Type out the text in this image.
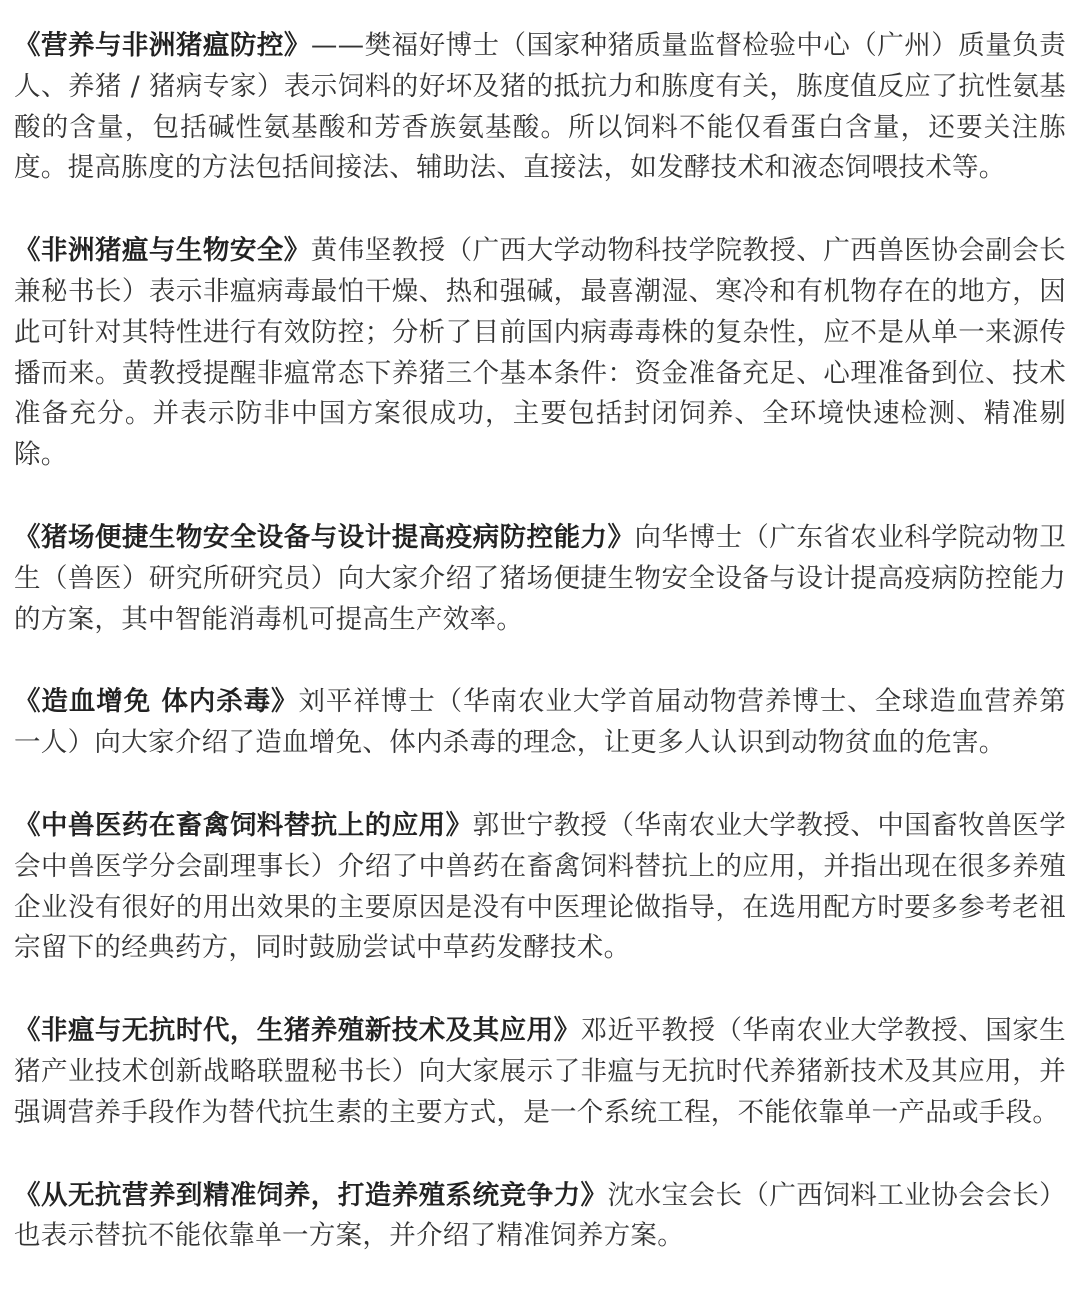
《营养与非洲猪瘟防控》——樊福好博士（国家种猪质量监督检验中心（广州）质量负责人、养猪 / 猪病专家）表示饲料的好坏及猪的抵抗力和胨度有关，胨度值反应了抗性氨基酸的含量，包括碱性氨基酸和芳香族氨基酸。所以饲料不能仅看蛋白含量，还要关注胨度。提高胨度的方法包括间接法、辅助法、直接法，如发酵技术和液态饲喂技术等。

《非洲猪瘟与生物安全》黄伟坚教授（广西大学动物科技学院教授、广西兽医协会副会长兼秘书长）表示非瘟病毒最怕干燥、热和强碱，最喜潮湿、寒冷和有机物存在的地方，因此可针对其特性进行有效防控；分析了目前国内病毒毒株的复杂性，应不是从单一来源传播而来。黄教授提醒非瘟常态下养猪三个基本条件：资金准备充足、心理准备到位、技术准备充分。并表示防非中国方案很成功，主要包括封闭饲养、全环境快速检测、精准剔除。

《猪场便捷生物安全设备与设计提高疫病防控能力》向华博士（广东省农业科学院动物卫生（兽医）研究所研究员）向大家介绍了猪场便捷生物安全设备与设计提高疫病防控能力的方案，其中智能消毒机可提高生产效率。

《造血增免 体内杀毒》刘平祥博士（华南农业大学首届动物营养博士、全球造血营养第一人）向大家介绍了造血增免、体内杀毒的理念，让更多人认识到动物贫血的危害。

《中兽医药在畜禽饲料替抗上的应用》郭世宁教授（华南农业大学教授、中国畜牧兽医学会中兽医学分会副理事长）介绍了中兽药在畜禽饲料替抗上的应用，并指出现在很多养殖企业没有很好的用出效果的主要原因是没有中医理论做指导，在选用配方时要多参考老祖宗留下的经典药方，同时鼓励尝试中草药发酵技术。

《非瘟与无抗时代，生猪养殖新技术及其应用》邓近平教授（华南农业大学教授、国家生猪产业技术创新战略联盟秘书长）向大家展示了非瘟与无抗时代养猪新技术及其应用，并强调营养手段作为替代抗生素的主要方式，是一个系统工程，不能依靠单一产品或手段。

《从无抗营养到精准饲养，打造养殖系统竞争力》沈水宝会长（广西饲料工业协会会长）也表示替抗不能依靠单一方案，并介绍了精准饲养方案。
